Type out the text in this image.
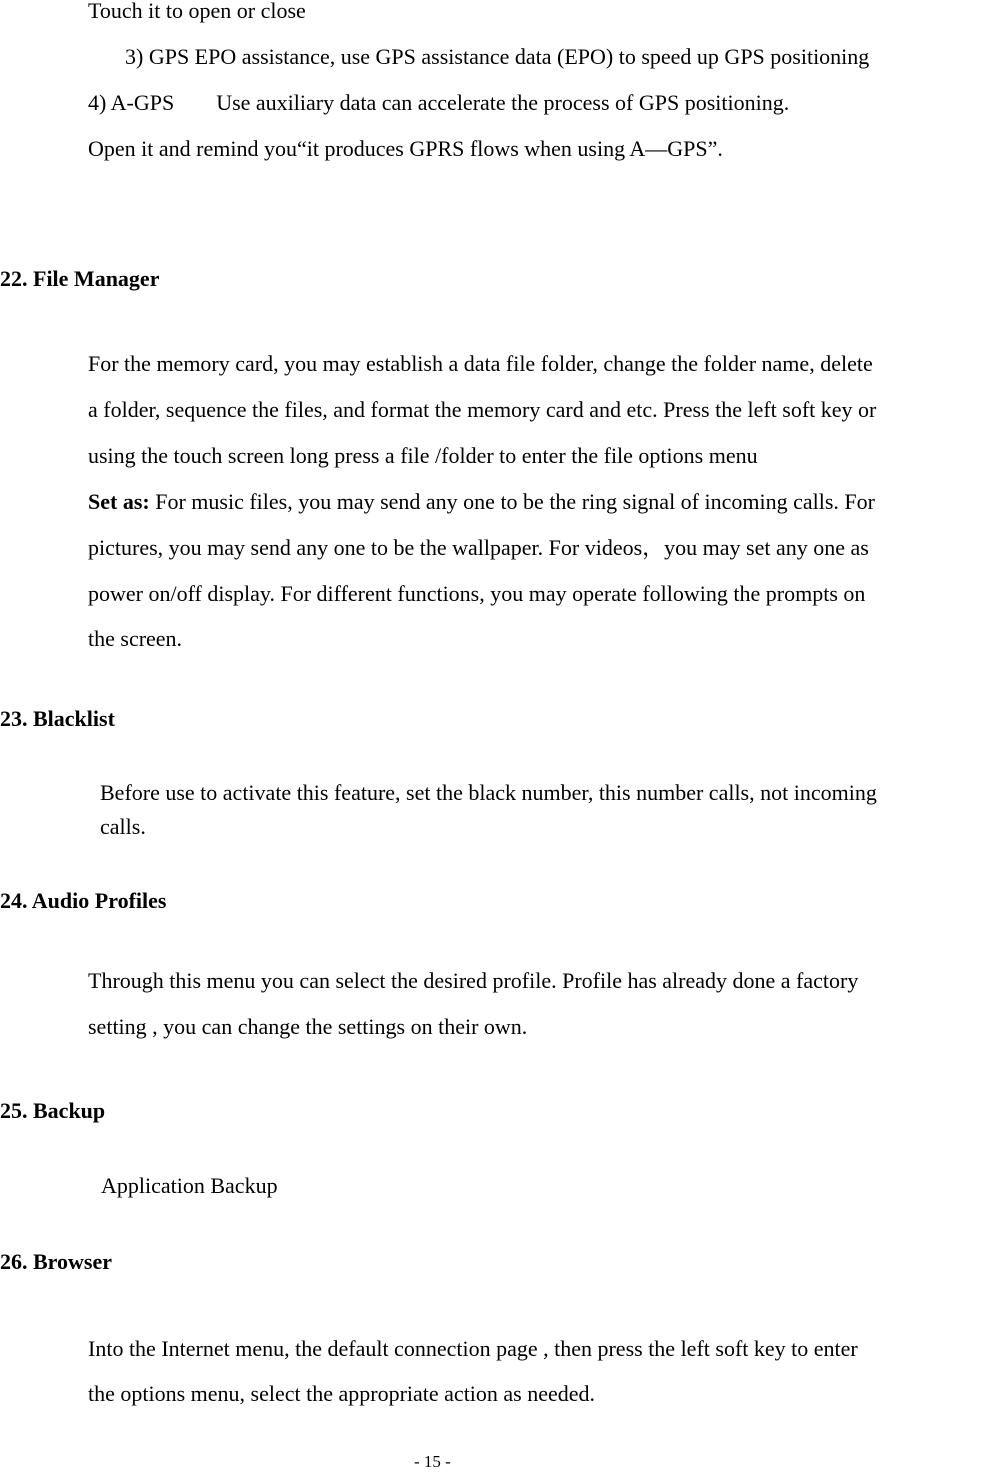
Touch it to open or close
3) GPS EPO assistance, use GPS assistance data (EPO) to speed up GPS positioning
4) A-GPS Use auxiliary data can accelerate the process of GPS positioning.
Open it and remind you“it produces GPRS flows when using A—GPS”.
22. File Manager
For the memory card, you may establish a data file folder, change the folder name, delete
a folder, sequence the files, and format the memory card and etc. Press the left soft key or
using the touch screen long press a file /folder to enter the file options menu
Set as: For music files, you may send any one to be the ring signal of incoming calls. For
pictures, you may send any one to be the wallpaper. For videos，you may set any one as
power on/off display. For different functions, you may operate following the prompts on
the screen.
23. Blacklist
Before use to activate this feature, set the black number, this number calls, not incoming
calls.
24. Audio Profiles
Through this menu you can select the desired profile. Profile has already done a factory
setting , you can change the settings on their own.
25. Backup
Application Backup
26. Browser
Into the Internet menu, the default connection page , then press the left soft key to enter
the options menu, select the appropriate action as needed.
- 15 -
